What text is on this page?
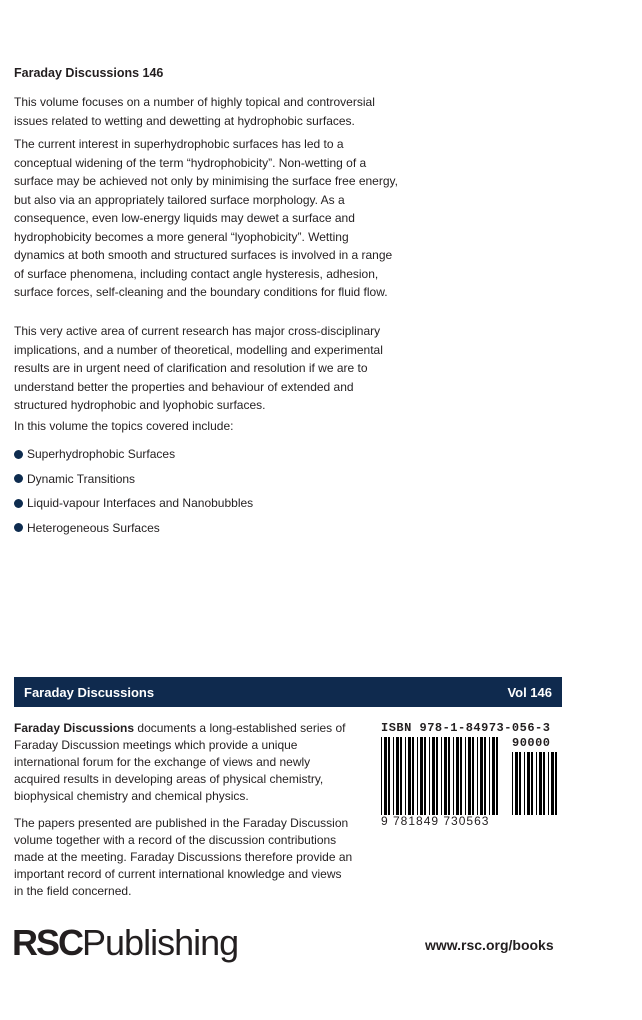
Faraday Discussions 146

This volume focuses on a number of highly topical and controversial issues related to wetting and dewetting at hydrophobic surfaces.

The current interest in superhydrophobic surfaces has led to a conceptual widening of the term “hydrophobicity”. Non-wetting of a surface may be achieved not only by minimising the surface free energy, but also via an appropriately tailored surface morphology. As a consequence, even low-energy liquids may dewet a surface and hydrophobicity becomes a more general “lyophobicity”. Wetting dynamics at both smooth and structured surfaces is involved in a range of surface phenomena, including contact angle hysteresis, adhesion, surface forces, self-cleaning and the boundary conditions for fluid flow.

This very active area of current research has major cross-disciplinary implications, and a number of theoretical, modelling and experimental results are in urgent need of clarification and resolution if we are to understand better the properties and behaviour of extended and structured hydrophobic and lyophobic surfaces.

In this volume the topics covered include:

Superhydrophobic Surfaces
Dynamic Transitions
Liquid-vapour Interfaces and Nanobubbles
Heterogeneous Surfaces
Faraday Discussions	Vol 146

Faraday Discussions documents a long-established series of Faraday Discussion meetings which provide a unique international forum for the exchange of views and newly acquired results in developing areas of physical chemistry, biophysical chemistry and chemical physics.

The papers presented are published in the Faraday Discussion volume together with a record of the discussion contributions made at the meeting. Faraday Discussions therefore provide an important record of current international knowledge and views in the field concerned.

ISBN 978-1-84973-056-3
90000
9 781849 730563
RSCPublishing	www.rsc.org/books
